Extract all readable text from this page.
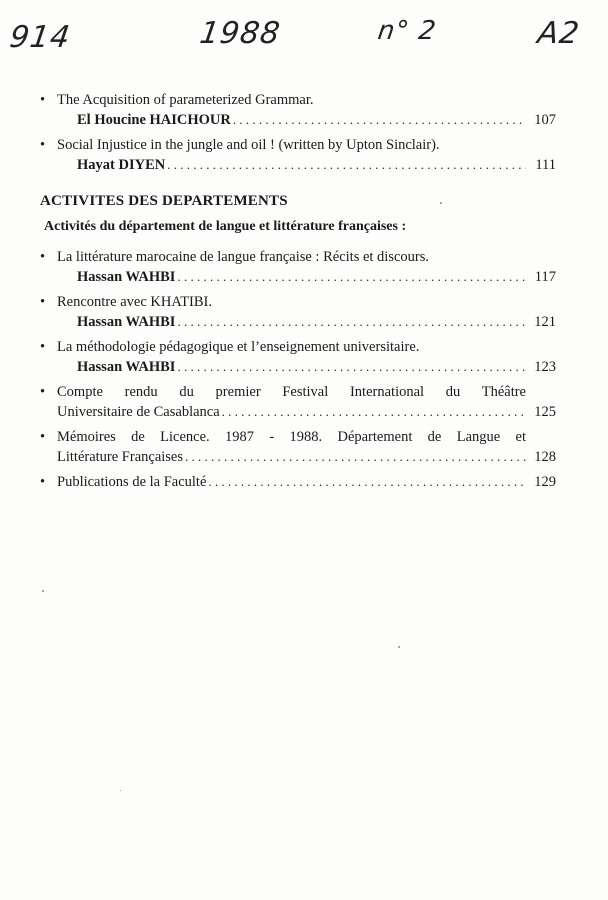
914	1988	n° 2	A2
• The Acquisition of parameterized Grammar.
El Houcine HAICHOUR . . .	107
• Social Injustice in the jungle and oil ! (written by Upton Sinclair).
Hayat DIYEN . . .	111
ACTIVITES DES DEPARTEMENTS
Activités du département de langue et littérature françaises :
• La littérature marocaine de langue française : Récits et discours.
Hassan WAHBI . . .	117
• Rencontre avec KHATIBI.
Hassan WAHBI . . .	121
• La méthodologie pédagogique et l’enseignement universitaire.
Hassan WAHBI . . .	123
• Compte rendu du premier Festival International du Théâtre
Universitaire de Casablanca . . .	125
• Mémoires de Licence. 1987 - 1988. Département de Langue et
Littérature Françaises . . .	128
• Publications de la Faculté . . .	129
